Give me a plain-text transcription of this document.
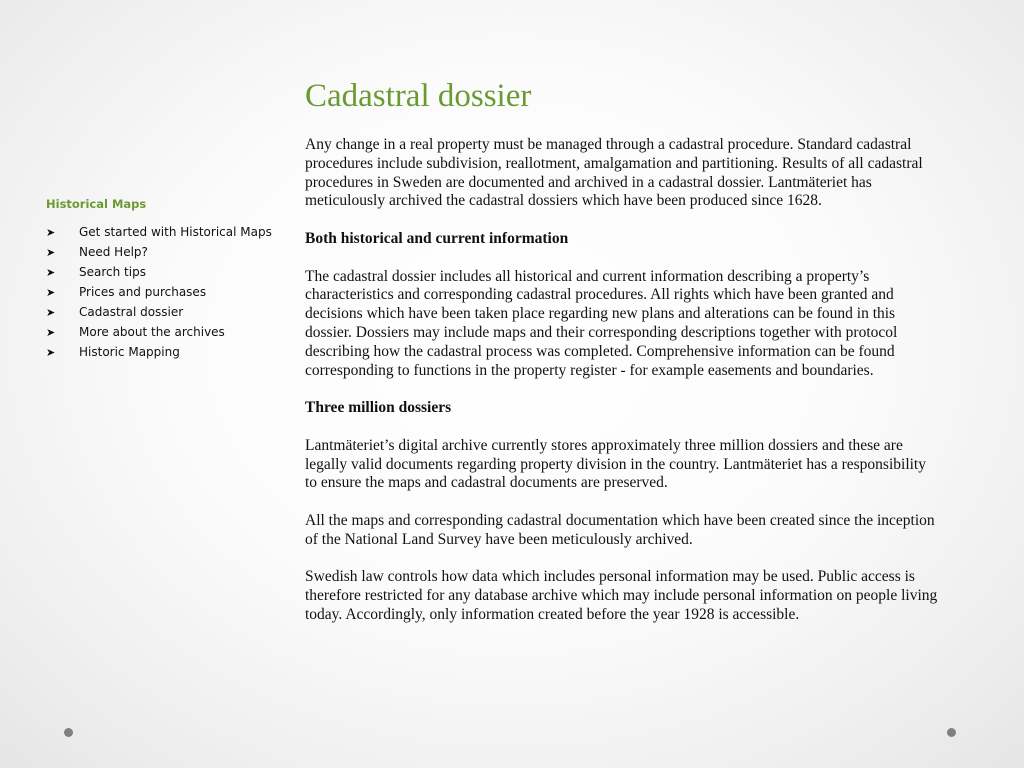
Historical Maps
➤	Get started with Historical Maps
➤	Need Help?
➤	Search tips
➤	Prices and purchases
➤	Cadastral dossier
➤	More about the archives
➤	Historic Mapping
Cadastral dossier

Any change in a real property must be managed through a cadastral procedure. Standard cadastral procedures include subdivision, reallotment, amalgamation and partitioning. Results of all cadastral procedures in Sweden are documented and archived in a cadastral dossier. Lantmäteriet has meticulously archived the cadastral dossiers which have been produced since 1628.

Both historical and current information

The cadastral dossier includes all historical and current information describing a property’s characteristics and corresponding cadastral procedures. All rights which have been granted and decisions which have been taken place regarding new plans and alterations can be found in this dossier. Dossiers may include maps and their corresponding descriptions together with protocol describing how the cadastral process was completed. Comprehensive information can be found corresponding to functions in the property register - for example easements and boundaries.

Three million dossiers

Lantmäteriet’s digital archive currently stores approximately three million dossiers and these are legally valid documents regarding property division in the country. Lantmäteriet has a responsibility to ensure the maps and cadastral documents are preserved.

All the maps and corresponding cadastral documentation which have been created since the inception of the National Land Survey have been meticulously archived.

Swedish law controls how data which includes personal information may be used. Public access is therefore restricted for any database archive which may include personal information on people living today. Accordingly, only information created before the year 1928 is accessible.
